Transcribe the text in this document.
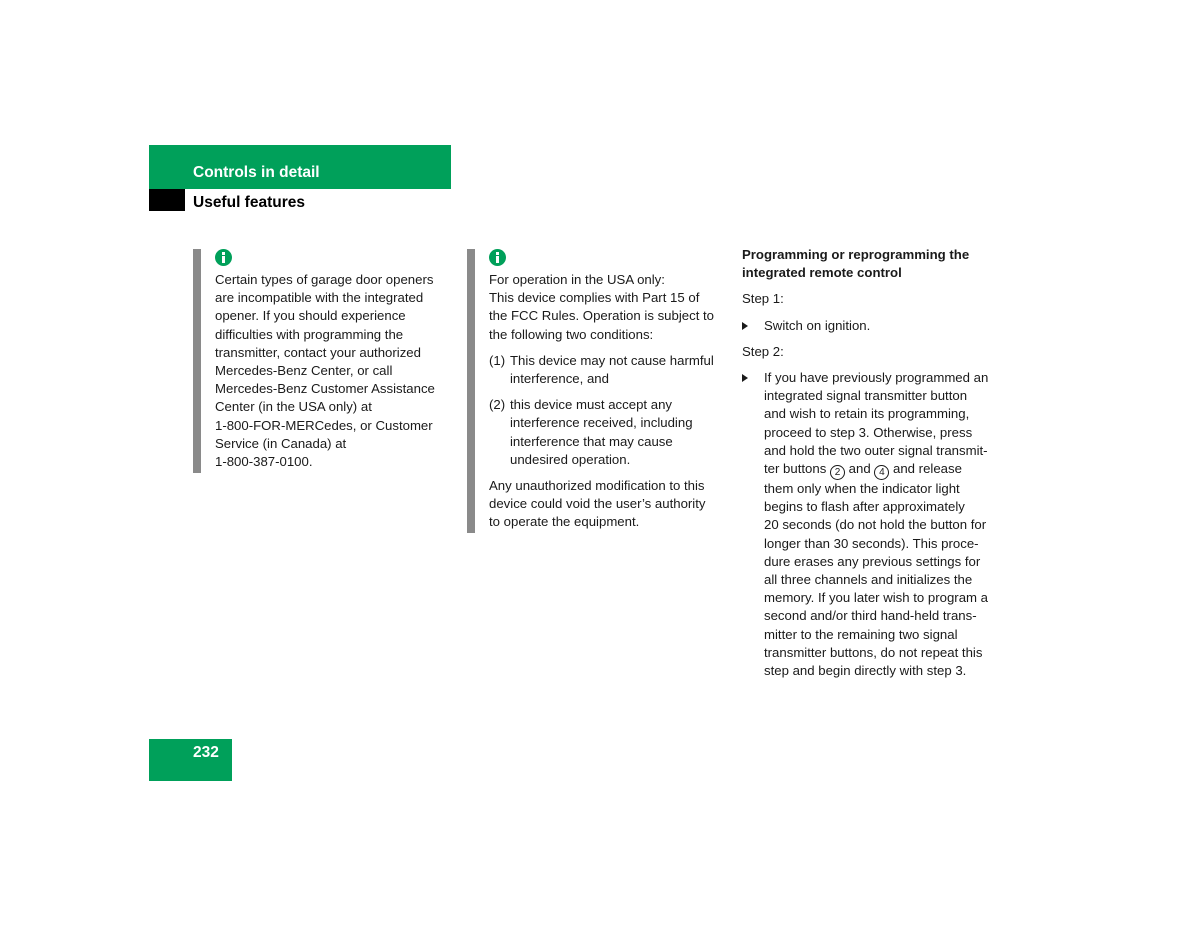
Controls in detail
Useful features
Certain types of garage door openers
are incompatible with the integrated
opener. If you should experience
difficulties with programming the
transmitter, contact your authorized
Mercedes-Benz Center, or call
Mercedes-Benz Customer Assistance
Center (in the USA only) at
1-800-FOR-MERCedes, or Customer
Service (in Canada) at
1-800-387-0100.
For operation in the USA only:
This device complies with Part 15 of
the FCC Rules. Operation is subject to
the following two conditions:
(1) This device may not cause harmful
interference, and
(2) this device must accept any
interference received, including
interference that may cause
undesired operation.
Any unauthorized modification to this
device could void the user’s authority
to operate the equipment.
Programming or reprogramming the
integrated remote control
Step 1:
Switch on ignition.
Step 2:
If you have previously programmed an
integrated signal transmitter button
and wish to retain its programming,
proceed to step 3. Otherwise, press
and hold the two outer signal transmit-
ter buttons 2 and 4 and release
them only when the indicator light
begins to flash after approximately
20 seconds (do not hold the button for
longer than 30 seconds). This proce-
dure erases any previous settings for
all three channels and initializes the
memory. If you later wish to program a
second and/or third hand-held trans-
mitter to the remaining two signal
transmitter buttons, do not repeat this
step and begin directly with step 3.
232
